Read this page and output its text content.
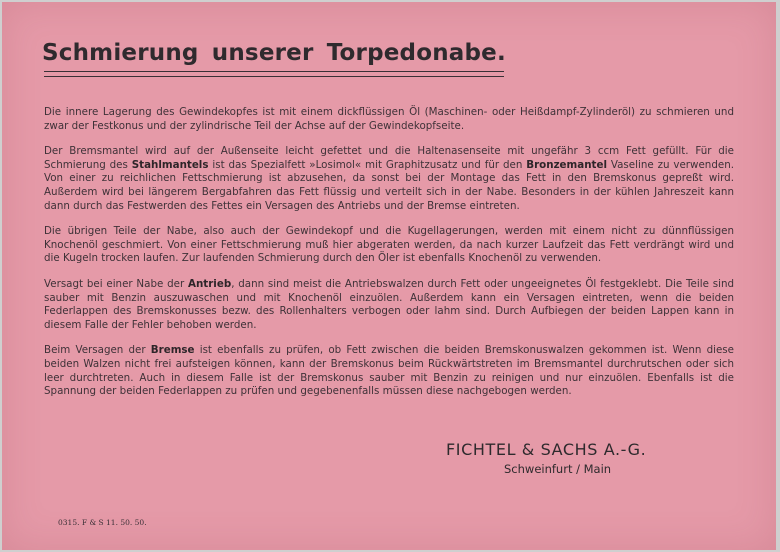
Schmierung unserer Torpedonabe.

Die innere Lagerung des Gewindekopfes ist mit einem dickflüssigen Öl (Maschinen- oder Heißdampf-Zylinderöl) zu schmieren und zwar der Festkonus und der zylindrische Teil der Achse auf der Gewindekopfseite.

Der Bremsmantel wird auf der Außenseite leicht gefettet und die Haltenasenseite mit ungefähr 3 ccm Fett gefüllt. Für die Schmierung des Stahlmantels ist das Spezialfett »Losimol« mit Graphitzusatz und für den Bronzemantel Vaseline zu verwenden. Von einer zu reichlichen Fettschmierung ist abzusehen, da sonst bei der Montage das Fett in den Bremskonus gepreßt wird. Außerdem wird bei längerem Bergabfahren das Fett flüssig und verteilt sich in der Nabe. Besonders in der kühlen Jahreszeit kann dann durch das Festwerden des Fettes ein Versagen des Antriebs und der Bremse eintreten.

Die übrigen Teile der Nabe, also auch der Gewindekopf und die Kugellagerungen, werden mit einem nicht zu dünnflüssigen Knochenöl geschmiert. Von einer Fettschmierung muß hier abgeraten werden, da nach kurzer Laufzeit das Fett verdrängt wird und die Kugeln trocken laufen. Zur laufenden Schmierung durch den Öler ist ebenfalls Knochenöl zu verwenden.

Versagt bei einer Nabe der Antrieb, dann sind meist die Antriebswalzen durch Fett oder ungeeignetes Öl festgeklebt. Die Teile sind sauber mit Benzin auszuwaschen und mit Knochenöl einzuölen. Außerdem kann ein Versagen eintreten, wenn die beiden Federlappen des Bremskonusses bezw. des Rollenhalters verbogen oder lahm sind. Durch Aufbiegen der beiden Lappen kann in diesem Falle der Fehler behoben werden.

Beim Versagen der Bremse ist ebenfalls zu prüfen, ob Fett zwischen die beiden Bremskonuswalzen gekommen ist. Wenn diese beiden Walzen nicht frei aufsteigen können, kann der Bremskonus beim Rückwärtstreten im Bremsmantel durchrutschen oder sich leer durchtreten. Auch in diesem Falle ist der Bremskonus sauber mit Benzin zu reinigen und nur einzuölen. Ebenfalls ist die Spannung der beiden Federlappen zu prüfen und gegebenenfalls müssen diese nachgebogen werden.

FICHTEL & SACHS A.-G.
Schweinfurt / Main
0315. F & S 11. 50. 50.
